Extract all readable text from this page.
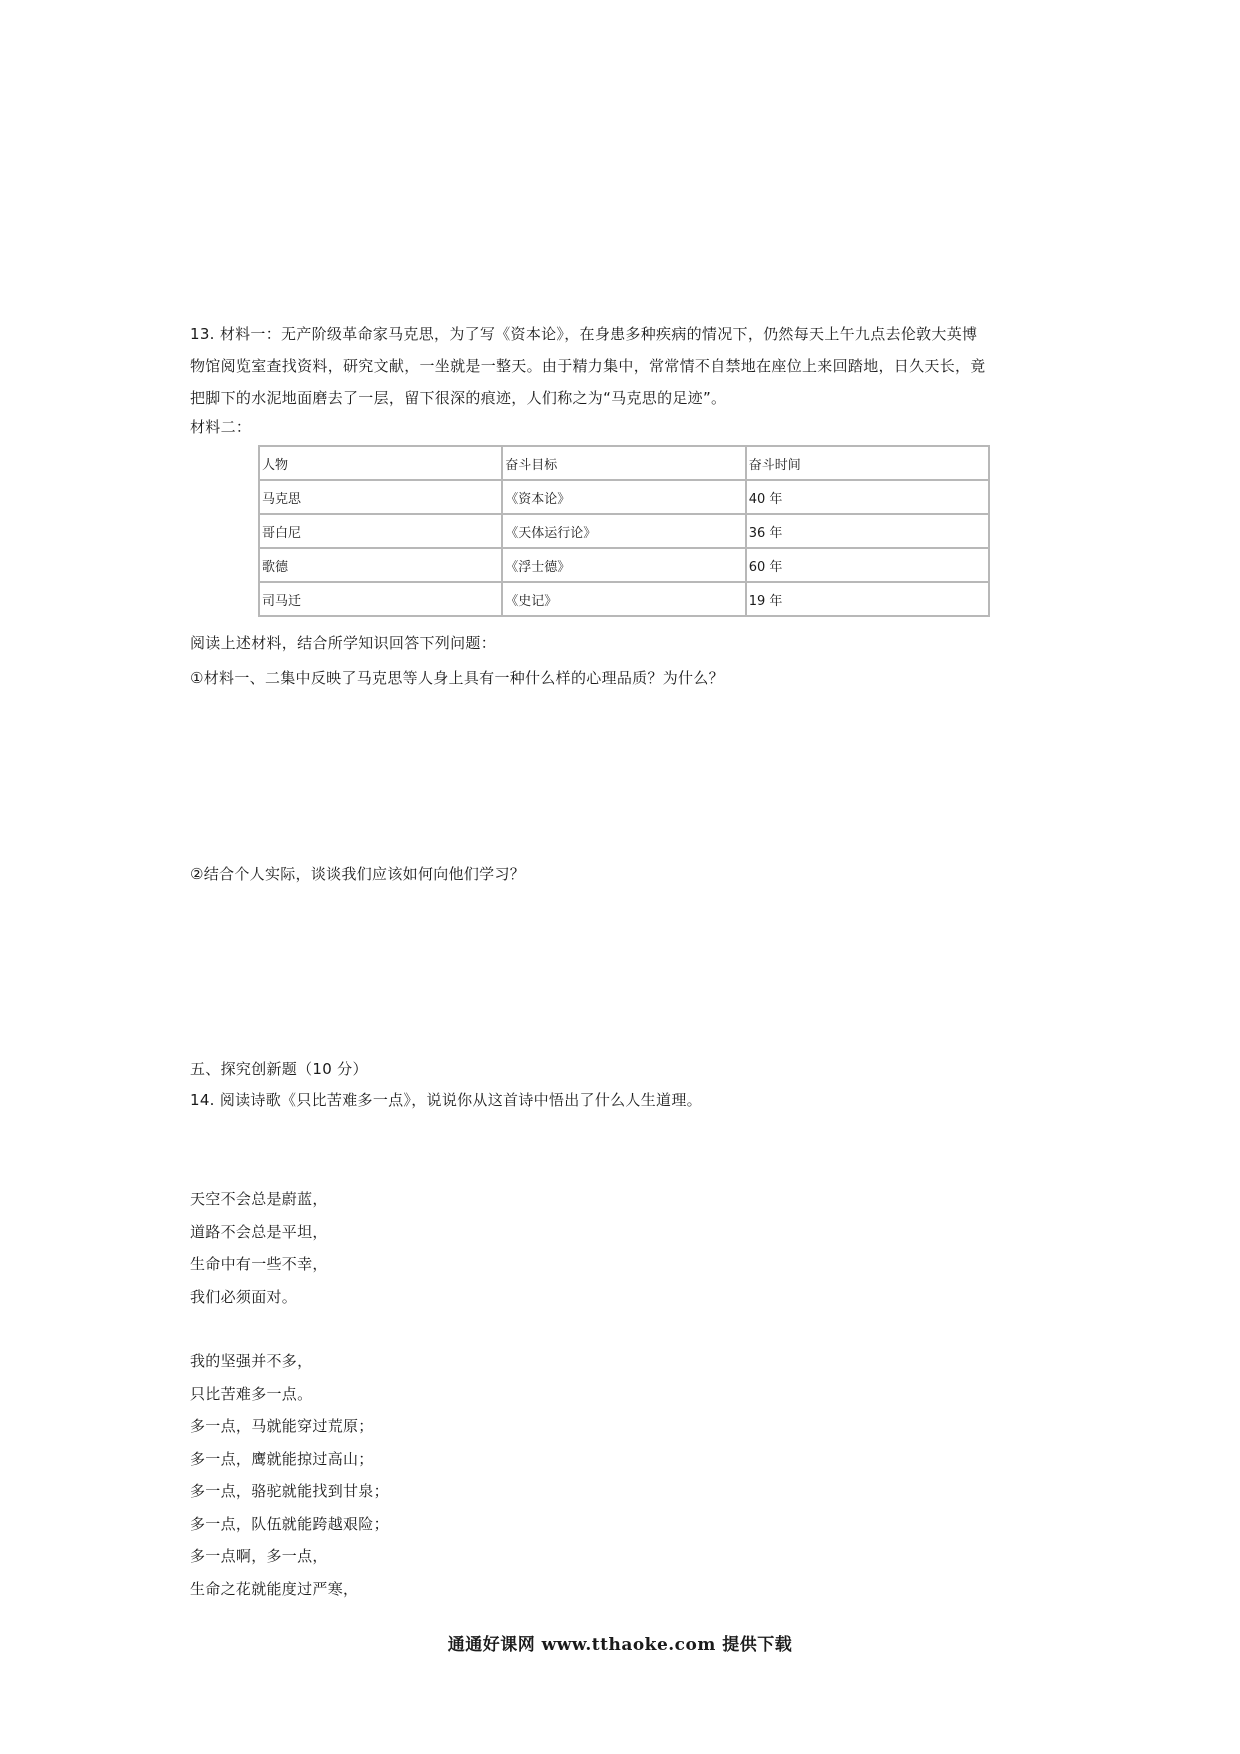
13. 材料一：无产阶级革命家马克思，为了写《资本论》，在身患多种疾病的情况下，仍然每天上午九点去伦敦大英博

物馆阅览室查找资料，研究文献，一坐就是一整天。由于精力集中，常常情不自禁地在座位上来回踏地，日久天长，竟

把脚下的水泥地面磨去了一层，留下很深的痕迹，人们称之为“马克思的足迹”。

材料二：
人物	奋斗目标	奋斗时间
马克思	《资本论》	40 年
哥白尼	《天体运行论》	36 年
歌德	《浮士德》	60 年
司马迁	《史记》	19 年
阅读上述材料，结合所学知识回答下列问题：
①材料一、二集中反映了马克思等人身上具有一种什么样的心理品质？为什么？
②结合个人实际，谈谈我们应该如何向他们学习？
五、探究创新题（10 分）
14. 阅读诗歌《只比苦难多一点》，说说你从这首诗中悟出了什么人生道理。

天空不会总是蔚蓝，

道路不会总是平坦，

生命中有一些不幸，

我们必须面对。

我的坚强并不多，

只比苦难多一点。

多一点，马就能穿过荒原；

多一点，鹰就能掠过高山；

多一点，骆驼就能找到甘泉；

多一点，队伍就能跨越艰险；

多一点啊，多一点，

生命之花就能度过严寒，

通通好课网 www.tthaoke.com 提供下载
